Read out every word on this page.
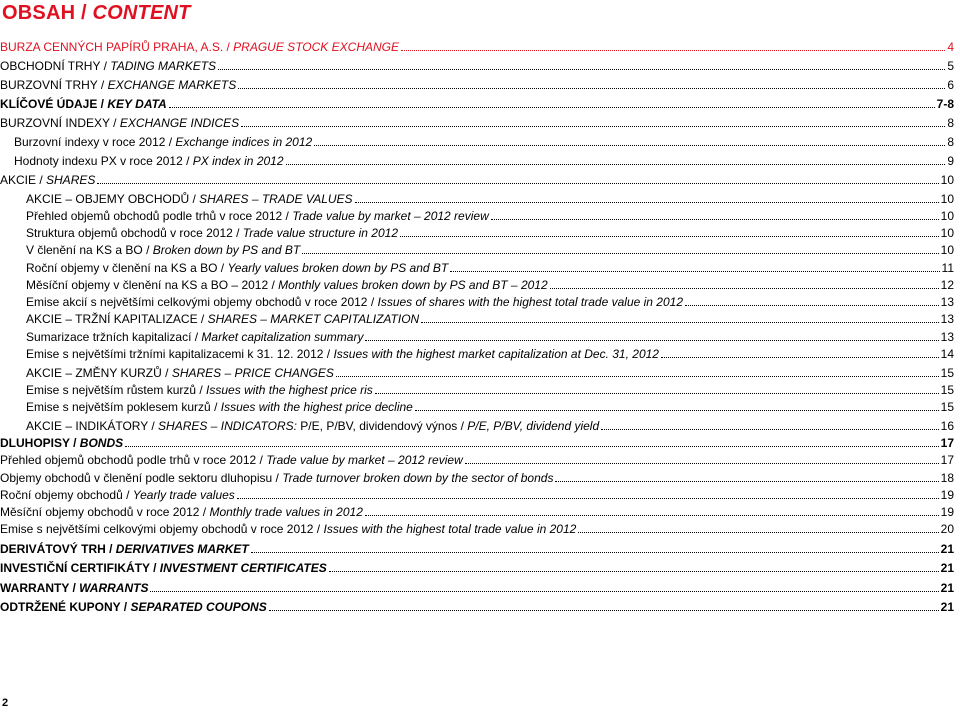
OBSAH / CONTENT
BURZA CENNÝCH PAPÍRŮ PRAHA, A.S. / PRAGUE STOCK EXCHANGE	4
OBCHODNÍ TRHY / TADING MARKETS	5
BURZOVNÍ TRHY / EXCHANGE MARKETS	6
KLÍČOVÉ ÚDAJE / KEY DATA	7-8
BURZOVNÍ INDEXY / EXCHANGE INDICES	8
Burzovní indexy v roce 2012 / Exchange indices in 2012	8
Hodnoty indexu PX v roce 2012 / PX index in 2012	9
AKCIE / SHARES	10
AKCIE – OBJEMY OBCHODŮ / SHARES – TRADE VALUES	10
Přehled objemů obchodů podle trhů v roce 2012 / Trade value by market – 2012 review	10
Struktura objemů obchodů v roce 2012 / Trade value structure in 2012	10
V členění na KS a BO / Broken down by PS and BT	10
Roční objemy v členění na KS a BO / Yearly values broken down by PS and BT	11
Měsíční objemy v členění na KS a BO – 2012 / Monthly values broken down by PS and BT – 2012	12
Emise akcií s největšími celkovými objemy obchodů v roce 2012 / Issues of shares with the highest total trade value in 2012	13
AKCIE – TRŽNÍ KAPITALIZACE / SHARES – MARKET CAPITALIZATION	13
Sumarizace tržních kapitalizací / Market capitalization summary	13
Emise s největšími tržními kapitalizacemi k 31. 12. 2012 / Issues with the highest market capitalization at Dec. 31, 2012	14
AKCIE – ZMĚNY KURZŮ / SHARES – PRICE CHANGES	15
Emise s největším růstem kurzů / Issues with the highest price ris	15
Emise s největším poklesem kurzů / Issues with the highest price decline	15
AKCIE – INDIKÁTORY / SHARES – INDICATORS: P/E, P/BV, dividendový výnos / P/E, P/BV, dividend yield	16
DLUHOPISY / BONDS	17
Přehled objemů obchodů podle trhů v roce 2012 / Trade value by market – 2012 review	17
Objemy obchodů v členění podle sektoru dluhopisu / Trade turnover broken down by the sector of bonds	18
Roční objemy obchodů / Yearly trade values	19
Měsíční objemy obchodů v roce 2012 / Monthly trade values in 2012	19
Emise s největšími celkovými objemy obchodů v roce 2012 / Issues with the highest total trade value in 2012	20
DERIVÁTOVÝ TRH / DERIVATIVES MARKET	21
INVESTIČNÍ CERTIFIKÁTY / INVESTMENT CERTIFICATES	21
WARRANTY / WARRANTS	21
ODTRŽENÉ KUPONY / SEPARATED COUPONS	21
2
